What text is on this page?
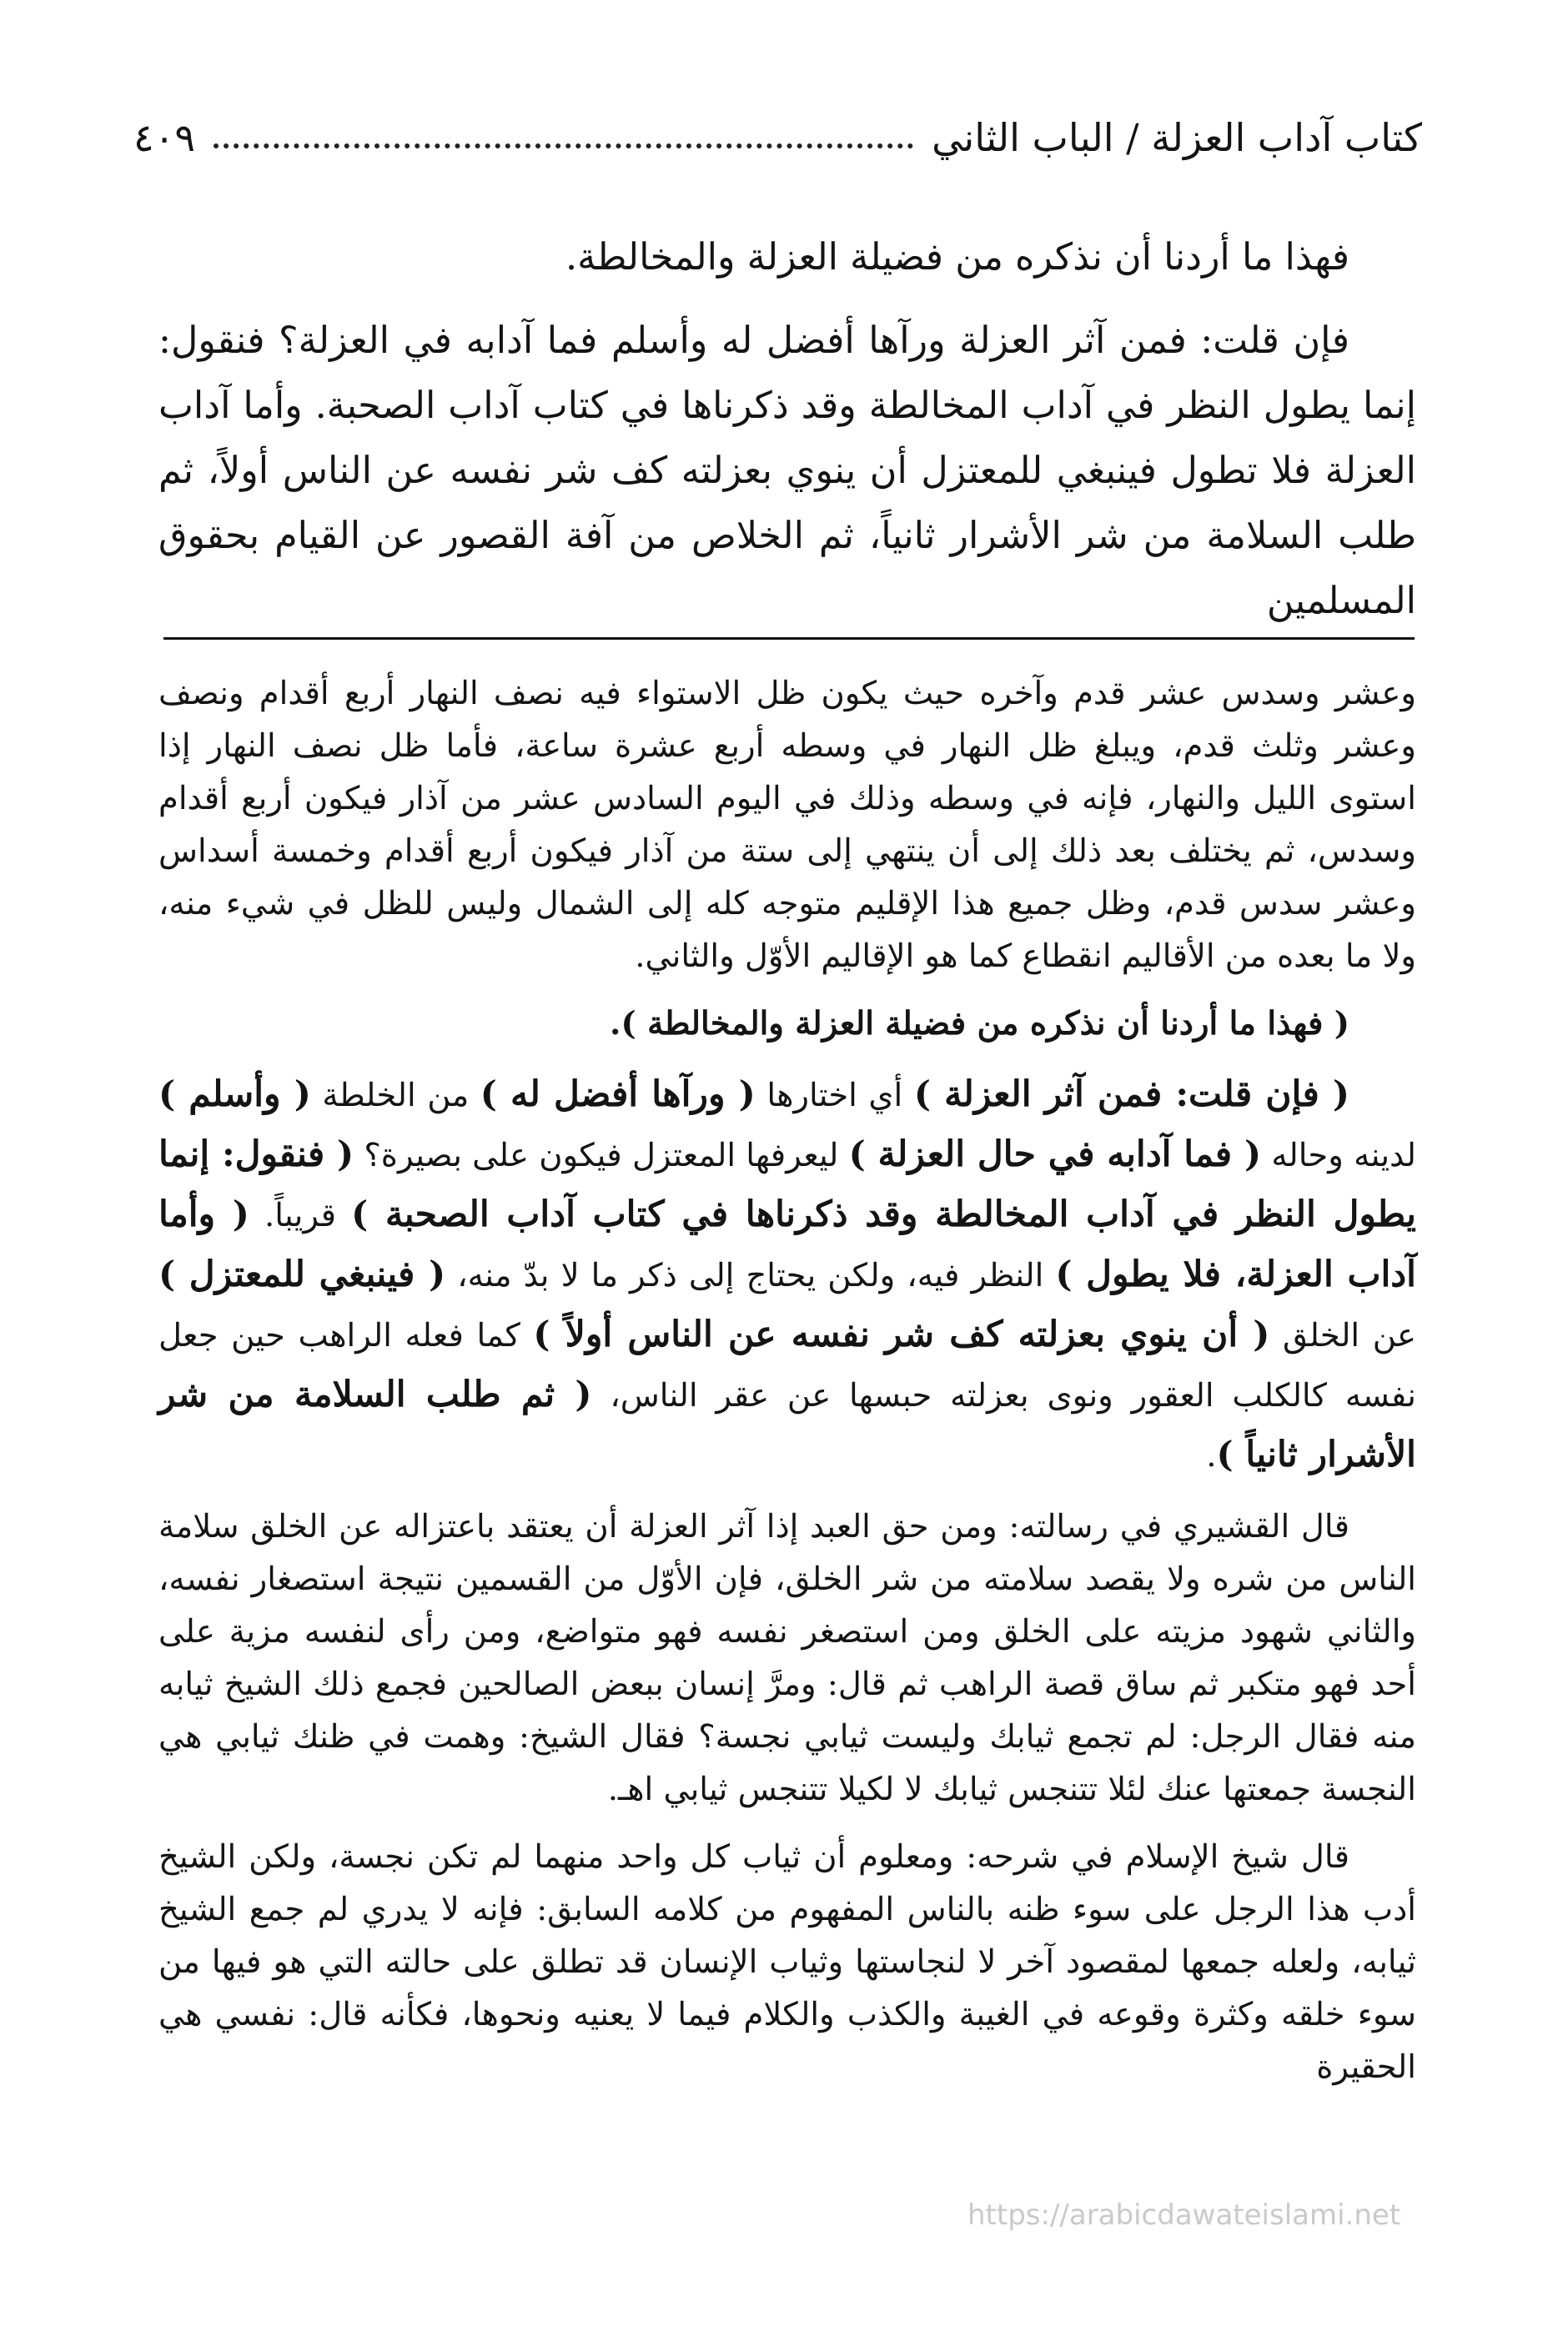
كتاب آداب العزلة / الباب الثاني
٤٠٩

فهذا ما أردنا أن نذكره من فضيلة العزلة والمخالطة.

فإن قلت: فمن آثر العزلة ورآها أفضل له وأسلم فما آدابه في العزلة؟ فنقول: إنما يطول النظر في آداب المخالطة وقد ذكرناها في كتاب آداب الصحبة. وأما آداب العزلة فلا تطول فينبغي للمعتزل أن ينوي بعزلته كف شر نفسه عن الناس أولاً، ثم طلب السلامة من شر الأشرار ثانياً، ثم الخلاص من آفة القصور عن القيام بحقوق المسلمين

وعشر وسدس عشر قدم وآخره حيث يكون ظل الاستواء فيه نصف النهار أربع أقدام ونصف وعشر وثلث قدم، ويبلغ ظل النهار في وسطه أربع عشرة ساعة، فأما ظل نصف النهار إذا استوى الليل والنهار، فإنه في وسطه وذلك في اليوم السادس عشر من آذار فيكون أربع أقدام وسدس، ثم يختلف بعد ذلك إلى أن ينتهي إلى ستة من آذار فيكون أربع أقدام وخمسة أسداس وعشر سدس قدم، وظل جميع هذا الإقليم متوجه كله إلى الشمال وليس للظل في شيء منه، ولا ما بعده من الأقاليم انقطاع كما هو الإقاليم الأوّل والثاني.

( فهذا ما أردنا أن نذكره من فضيلة العزلة والمخالطة ).

( فإن قلت: فمن آثر العزلة ) أي اختارها ( ورآها أفضل له ) من الخلطة ( وأسلم ) لدينه وحاله ( فما آدابه في حال العزلة ) ليعرفها المعتزل فيكون على بصيرة؟ ( فنقول: إنما يطول النظر في آداب المخالطة وقد ذكرناها في كتاب آداب الصحبة ) قريباً. ( وأما آداب العزلة، فلا يطول ) النظر فيه، ولكن يحتاج إلى ذكر ما لا بدّ منه، ( فينبغي للمعتزل ) عن الخلق ( أن ينوي بعزلته كف شر نفسه عن الناس أولاً ) كما فعله الراهب حين جعل نفسه كالكلب العقور ونوى بعزلته حبسها عن عقر الناس، ( ثم طلب السلامة من شر الأشرار ثانياً ).

قال القشيري في رسالته: ومن حق العبد إذا آثر العزلة أن يعتقد باعتزاله عن الخلق سلامة الناس من شره ولا يقصد سلامته من شر الخلق، فإن الأوّل من القسمين نتيجة استصغار نفسه، والثاني شهود مزيته على الخلق ومن استصغر نفسه فهو متواضع، ومن رأى لنفسه مزية على أحد فهو متكبر ثم ساق قصة الراهب ثم قال: ومرَّ إنسان ببعض الصالحين فجمع ذلك الشيخ ثيابه منه فقال الرجل: لم تجمع ثيابك وليست ثيابي نجسة؟ فقال الشيخ: وهمت في ظنك ثيابي هي النجسة جمعتها عنك لئلا تتنجس ثيابك لا لكيلا تتنجس ثيابي اهـ.

قال شيخ الإسلام في شرحه: ومعلوم أن ثياب كل واحد منهما لم تكن نجسة، ولكن الشيخ أدب هذا الرجل على سوء ظنه بالناس المفهوم من كلامه السابق: فإنه لا يدري لم جمع الشيخ ثيابه، ولعله جمعها لمقصود آخر لا لنجاستها وثياب الإنسان قد تطلق على حالته التي هو فيها من سوء خلقه وكثرة وقوعه في الغيبة والكذب والكلام فيما لا يعنيه ونحوها، فكأنه قال: نفسي هي الحقيرة

https://arabicdawateislami.net
